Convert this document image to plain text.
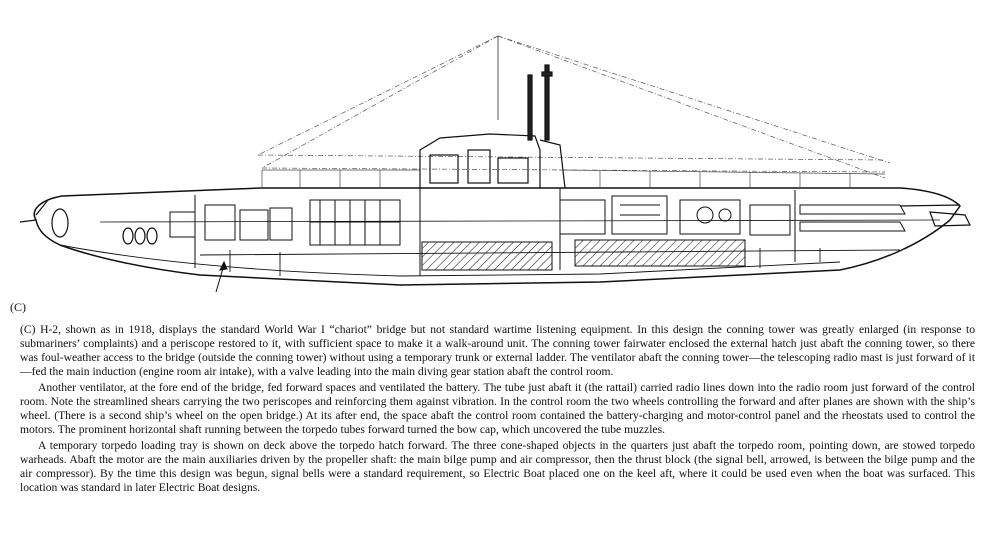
(C)

(C) H-2, shown as in 1918, displays the standard World War I “chariot” bridge but not standard wartime listening equipment. In this design the conning tower was greatly enlarged (in response to submariners’ complaints) and a periscope restored to it, with sufficient space to make it a walk-around unit. The conning tower fairwater enclosed the external hatch just abaft the conning tower, so there was foul-weather access to the bridge (outside the conning tower) without using a temporary trunk or external ladder. The ventilator abaft the conning tower—the telescoping radio mast is just forward of it—fed the main induction (engine room air intake), with a valve leading into the main diving gear station abaft the control room.

Another ventilator, at the fore end of the bridge, fed forward spaces and ventilated the battery. The tube just abaft it (the rattail) carried radio lines down into the radio room just forward of the control room. Note the streamlined shears carrying the two periscopes and reinforcing them against vibration. In the control room the two wheels controlling the forward and after planes are shown with the ship’s wheel. (There is a second ship’s wheel on the open bridge.) At its after end, the space abaft the control room contained the battery-charging and motor-control panel and the rheostats used to control the motors. The prominent horizontal shaft running between the torpedo tubes forward turned the bow cap, which uncovered the tube muzzles.

A temporary torpedo loading tray is shown on deck above the torpedo hatch forward. The three cone-shaped objects in the quarters just abaft the torpedo room, pointing down, are stowed torpedo warheads. Abaft the motor are the main auxiliaries driven by the propeller shaft: the main bilge pump and air compressor, then the thrust block (the signal bell, arrowed, is between the bilge pump and the air compressor). By the time this design was begun, signal bells were a standard requirement, so Electric Boat placed one on the keel aft, where it could be used even when the boat was surfaced. This location was standard in later Electric Boat designs.
